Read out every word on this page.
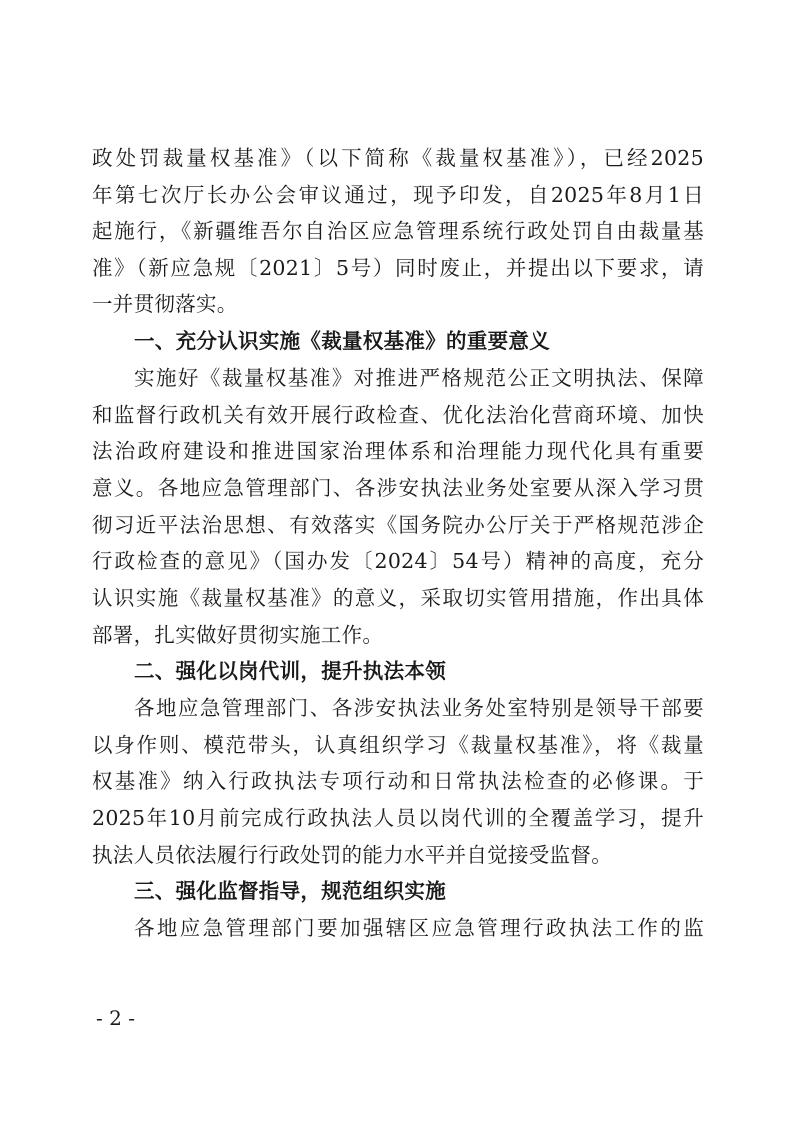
政处罚裁量权基准》（以下简称《裁量权基准》），已经2025
年第七次厅长办公会审议通过，现予印发，自2025年8月1日
起施行，《新疆维吾尔自治区应急管理系统行政处罚自由裁量基
准》（新应急规〔2021〕5号）同时废止，并提出以下要求，请
一并贯彻落实。
一、充分认识实施《裁量权基准》的重要意义
实施好《裁量权基准》对推进严格规范公正文明执法、保障
和监督行政机关有效开展行政检查、优化法治化营商环境、加快
法治政府建设和推进国家治理体系和治理能力现代化具有重要
意义。各地应急管理部门、各涉安执法业务处室要从深入学习贯
彻习近平法治思想、有效落实《国务院办公厅关于严格规范涉企
行政检查的意见》（国办发〔2024〕54号）精神的高度，充分
认识实施《裁量权基准》的意义，采取切实管用措施，作出具体
部署，扎实做好贯彻实施工作。
二、强化以岗代训，提升执法本领
各地应急管理部门、各涉安执法业务处室特别是领导干部要
以身作则、模范带头，认真组织学习《裁量权基准》，将《裁量
权基准》纳入行政执法专项行动和日常执法检查的必修课。于
2025年10月前完成行政执法人员以岗代训的全覆盖学习，提升
执法人员依法履行行政处罚的能力水平并自觉接受监督。
三、强化监督指导，规范组织实施
各地应急管理部门要加强辖区应急管理行政执法工作的监
- 2 -
